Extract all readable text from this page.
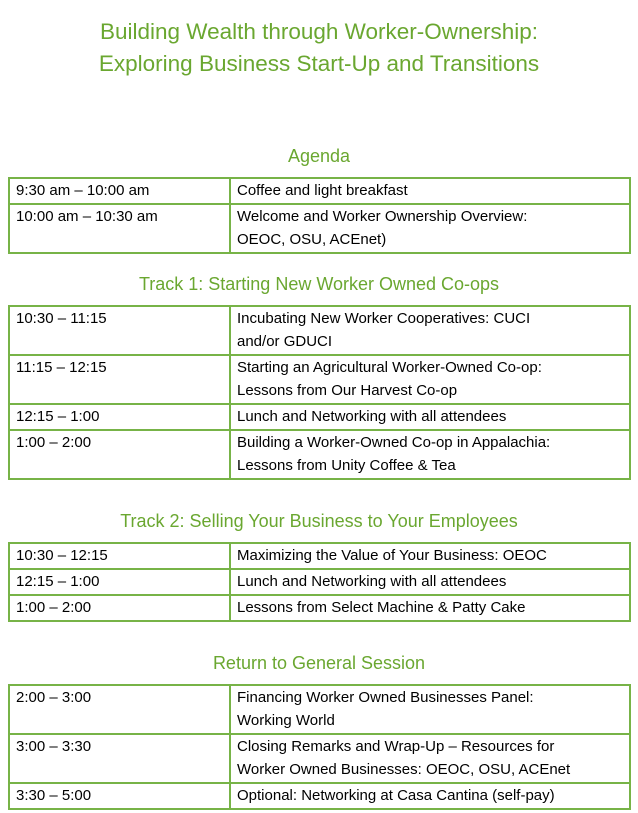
Building Wealth through Worker-Ownership:
Exploring Business Start-Up and Transitions
Agenda
9:30 am – 10:00 am	Coffee and light breakfast

10:00 am – 10:30 am	Welcome and Worker Ownership Overview:
OEOC, OSU, ACEnet)
Track 1: Starting New Worker Owned Co-ops
10:30 – 11:15	Incubating New Worker Cooperatives: CUCI
and/or GDUCI

11:15 – 12:15	Starting an Agricultural Worker-Owned Co-op:
Lessons from Our Harvest Co-op

12:15 – 1:00	Lunch and Networking with all attendees

1:00 – 2:00	Building a Worker-Owned Co-op in Appalachia:
Lessons from Unity Coffee & Tea
Track 2: Selling Your Business to Your Employees
10:30 – 12:15	Maximizing the Value of Your Business: OEOC

12:15 – 1:00	Lunch and Networking with all attendees

1:00 – 2:00	Lessons from Select Machine & Patty Cake
Return to General Session
2:00 – 3:00	Financing Worker Owned Businesses Panel:
Working World

3:00 – 3:30	Closing Remarks and Wrap-Up – Resources for
Worker Owned Businesses: OEOC, OSU, ACEnet

3:30 – 5:00	Optional: Networking at Casa Cantina (self-pay)
